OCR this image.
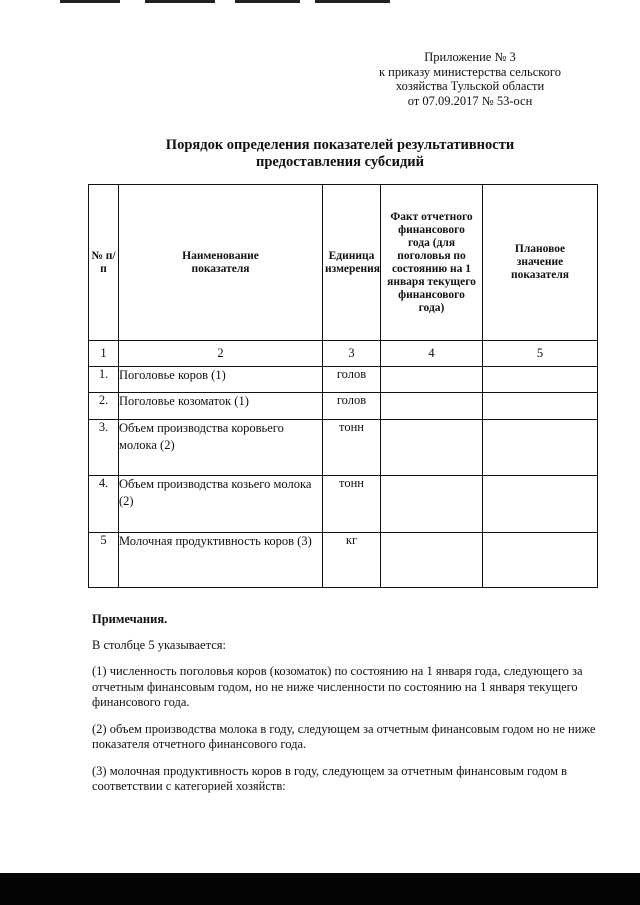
Приложение № 3
к приказу министерства сельского
хозяйства Тульской области
от 07.09.2017 № 53-осн
Порядок определения показателей результативности
предоставления субсидий
№ п/п	Наименование показателя	Единица измерения	Факт отчетного финансового года (для поголовья по состоянию на 1 января текущего финансового года)	Плановое значение показателя
1	2	3	4	5
1.	Поголовье коров (1)	голов		
2.	Поголовье козоматок (1)	голов		
3.	Объем производства коровьего молока (2)	тонн		
4.	Объем производства козьего молока (2)	тонн		
5	Молочная продуктивность коров (3)	кг		

Примечания.

В столбце 5 указывается:

(1) численность поголовья коров (козоматок) по состоянию на 1 января года, следующего за отчетным финансовым годом, но не ниже численности по состоянию на 1 января текущего финансового года.

(2) объем производства молока в году, следующем за отчетным финансовым годом но не ниже показателя отчетного финансового года.

(3) молочная продуктивность коров в году, следующем за отчетным финансовым годом в соответствии с категорией хозяйств:
